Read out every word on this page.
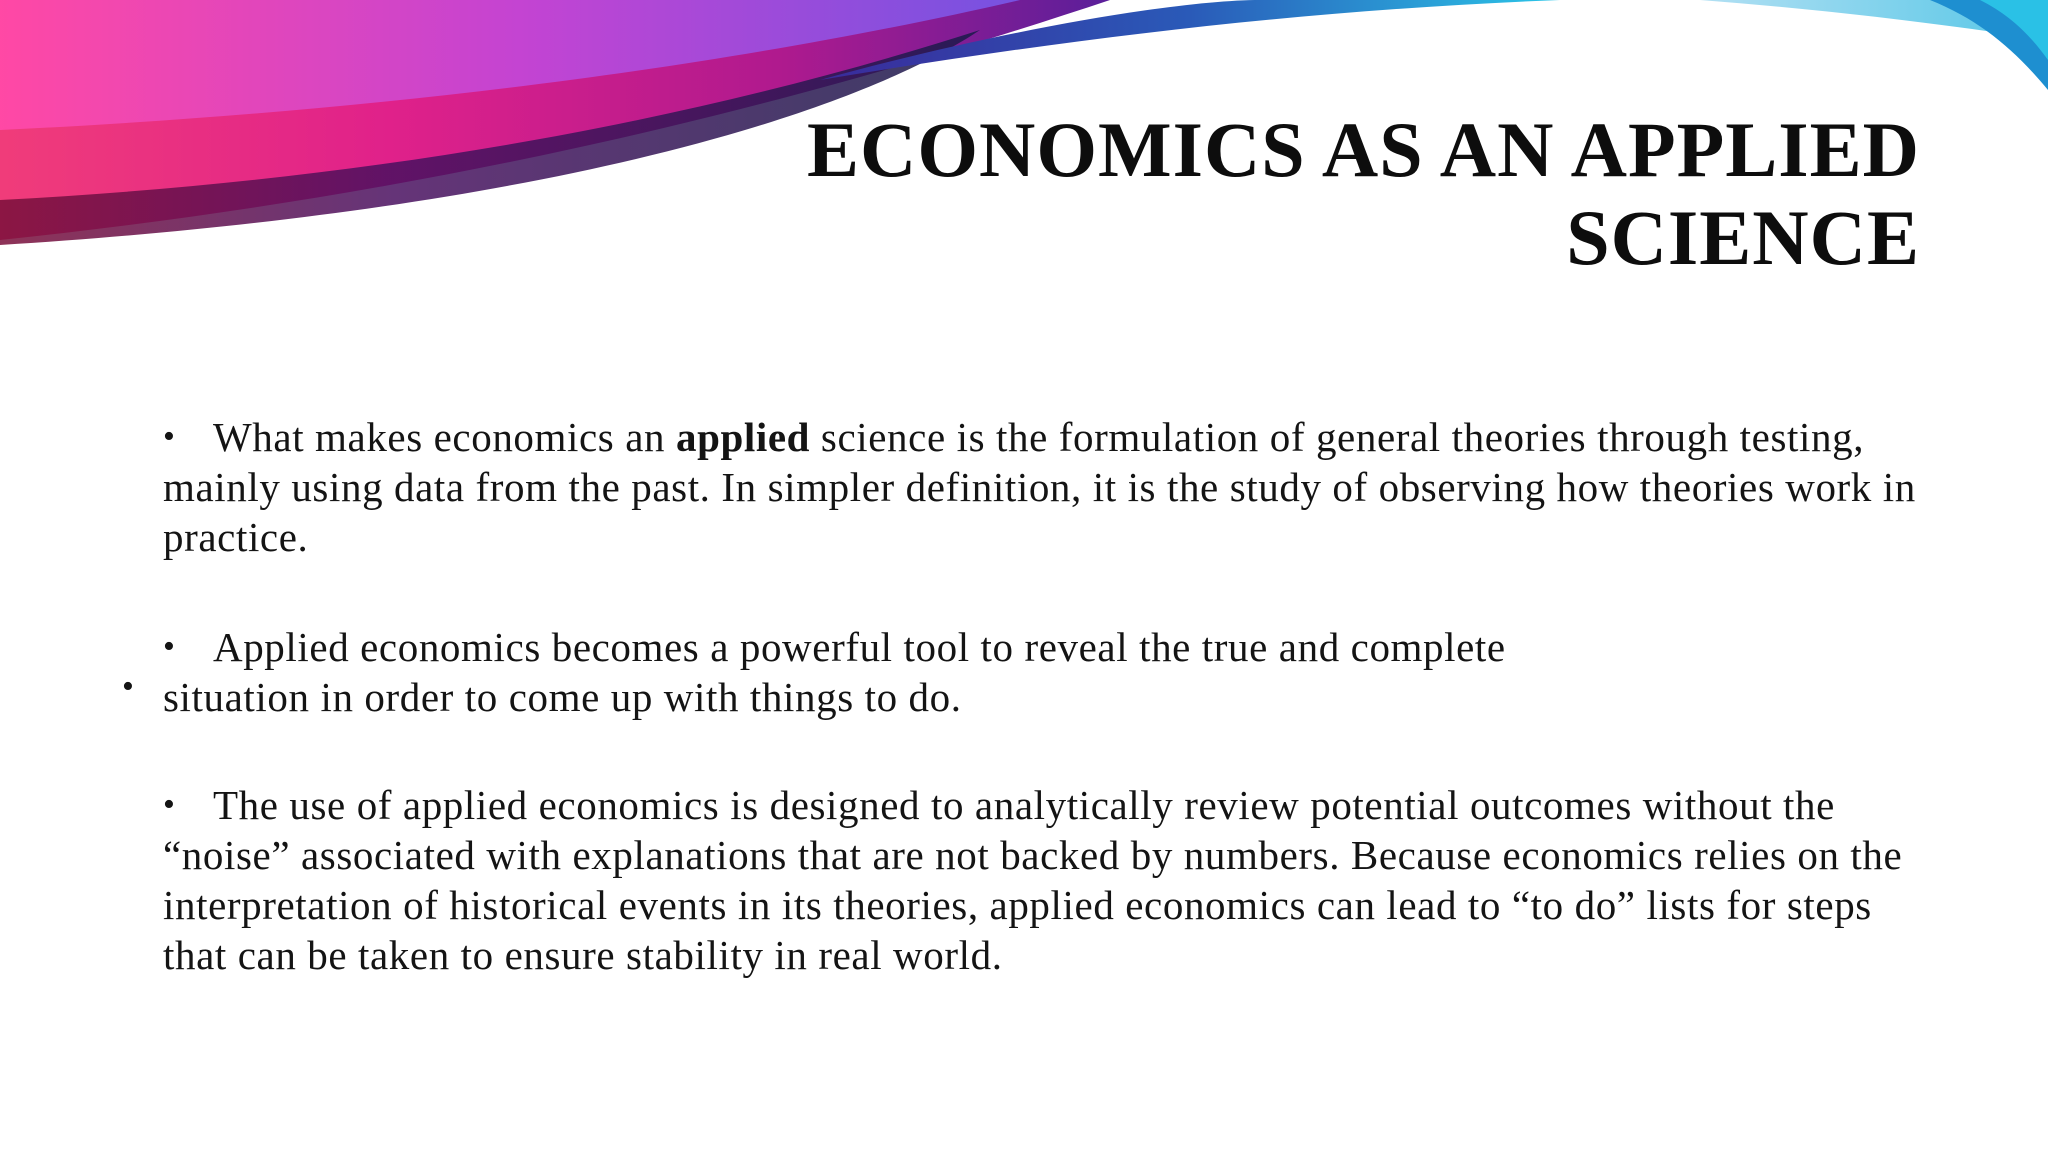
ECONOMICS AS AN APPLIED
SCIENCE
• What makes economics an applied science is the formulation of general theories through testing, mainly using data from the past. In simpler definition, it is the study of observing how theories work in practice.
• Applied economics becomes a powerful tool to reveal the true and complete
situation in order to come up with things to do.
•
• The use of applied economics is designed to analytically review potential outcomes without the “noise” associated with explanations that are not backed by numbers. Because economics relies on the interpretation of historical events in its theories, applied economics can lead to “to do” lists for steps that can be taken to ensure stability in real world.
